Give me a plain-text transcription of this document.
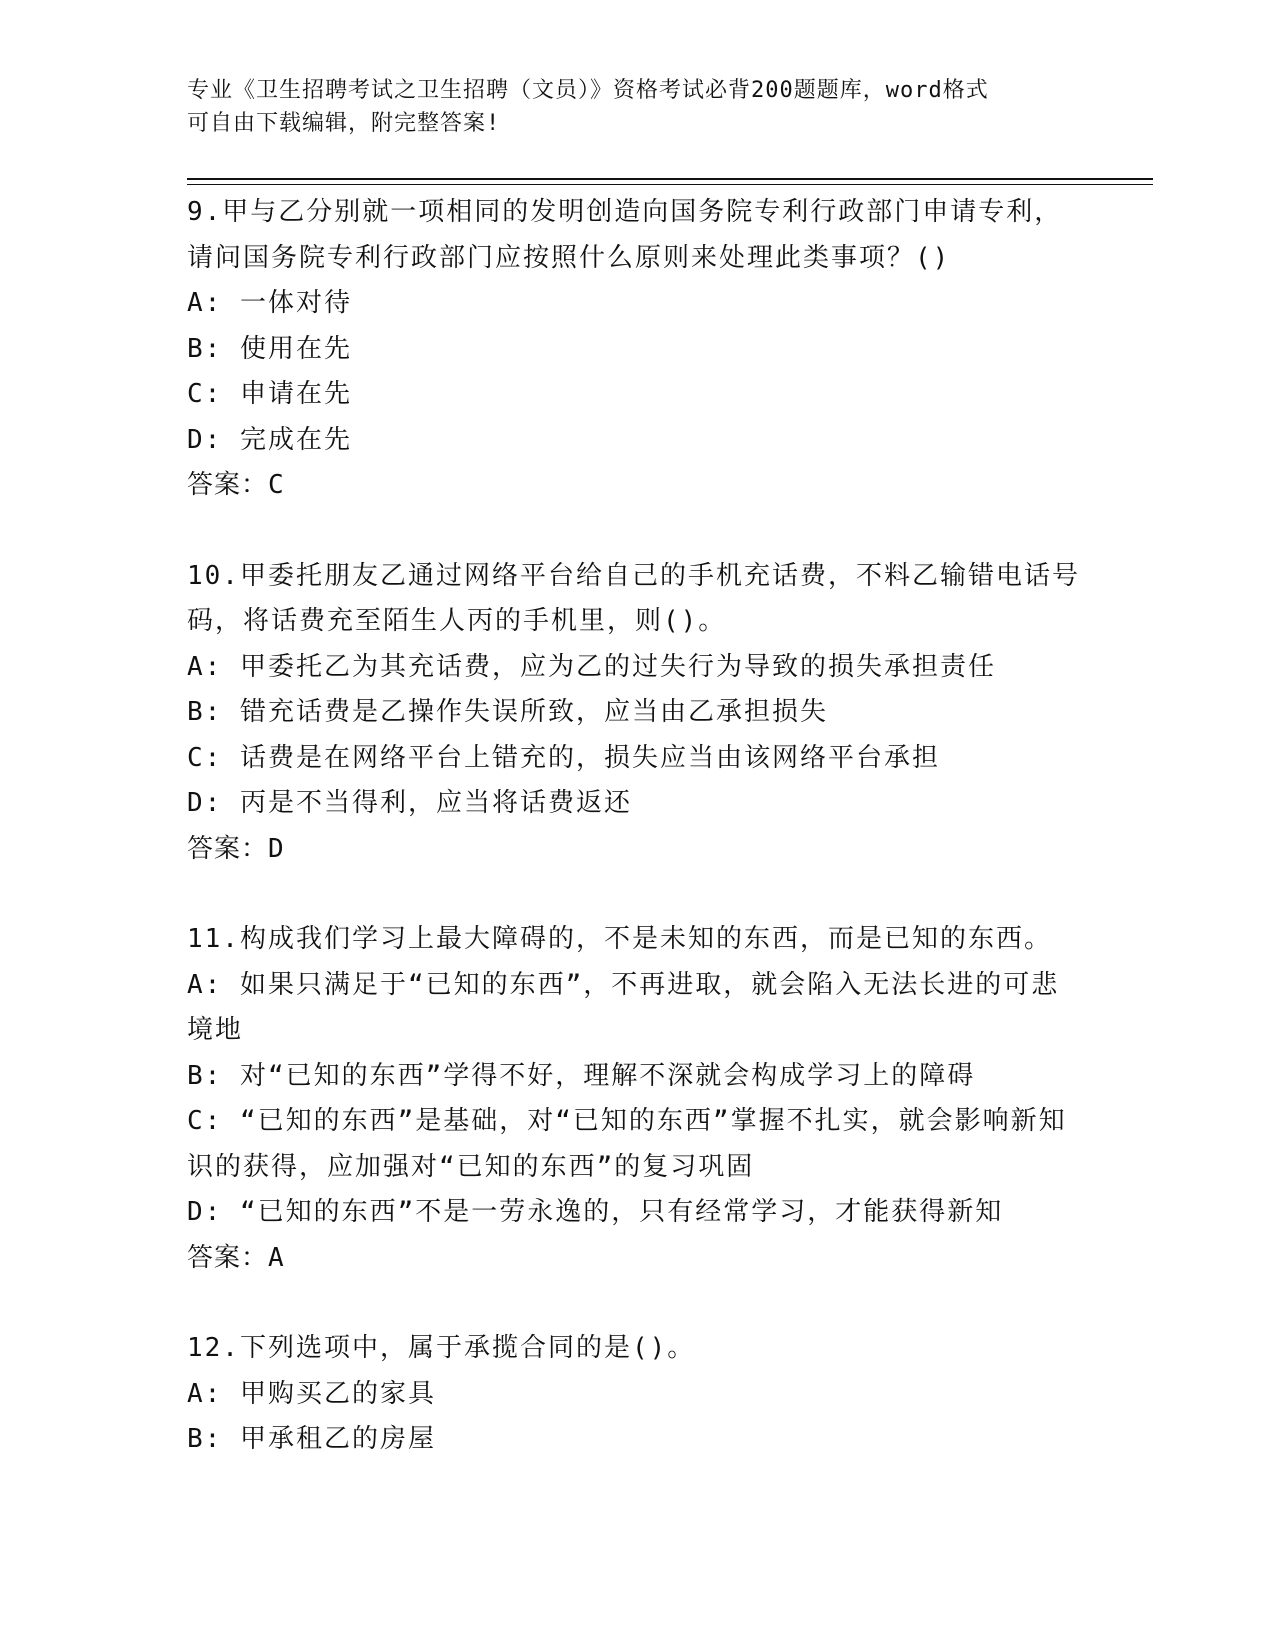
专业《卫生招聘考试之卫生招聘（文员）》资格考试必背200题题库，word格式
可自由下载编辑，附完整答案!
9.甲与乙分别就一项相同的发明创造向国务院专利行政部门申请专利，请问国务院专利行政部门应按照什么原则来处理此类事项？()
A: 一体对待
B: 使用在先
C: 申请在先
D: 完成在先
答案：C
10.甲委托朋友乙通过网络平台给自己的手机充话费，不料乙输错电话号码，将话费充至陌生人丙的手机里，则()。
A: 甲委托乙为其充话费，应为乙的过失行为导致的损失承担责任
B: 错充话费是乙操作失误所致，应当由乙承担损失
C: 话费是在网络平台上错充的，损失应当由该网络平台承担
D: 丙是不当得利，应当将话费返还
答案：D
11.构成我们学习上最大障碍的，不是未知的东西，而是已知的东西。
A: 如果只满足于“已知的东西”，不再进取，就会陷入无法长进的可悲境地
B: 对“已知的东西”学得不好，理解不深就会构成学习上的障碍
C: “已知的东西”是基础，对“已知的东西”掌握不扎实，就会影响新知识的获得，应加强对“已知的东西”的复习巩固
D: “已知的东西”不是一劳永逸的，只有经常学习，才能获得新知
答案：A
12.下列选项中，属于承揽合同的是()。
A: 甲购买乙的家具
B: 甲承租乙的房屋
